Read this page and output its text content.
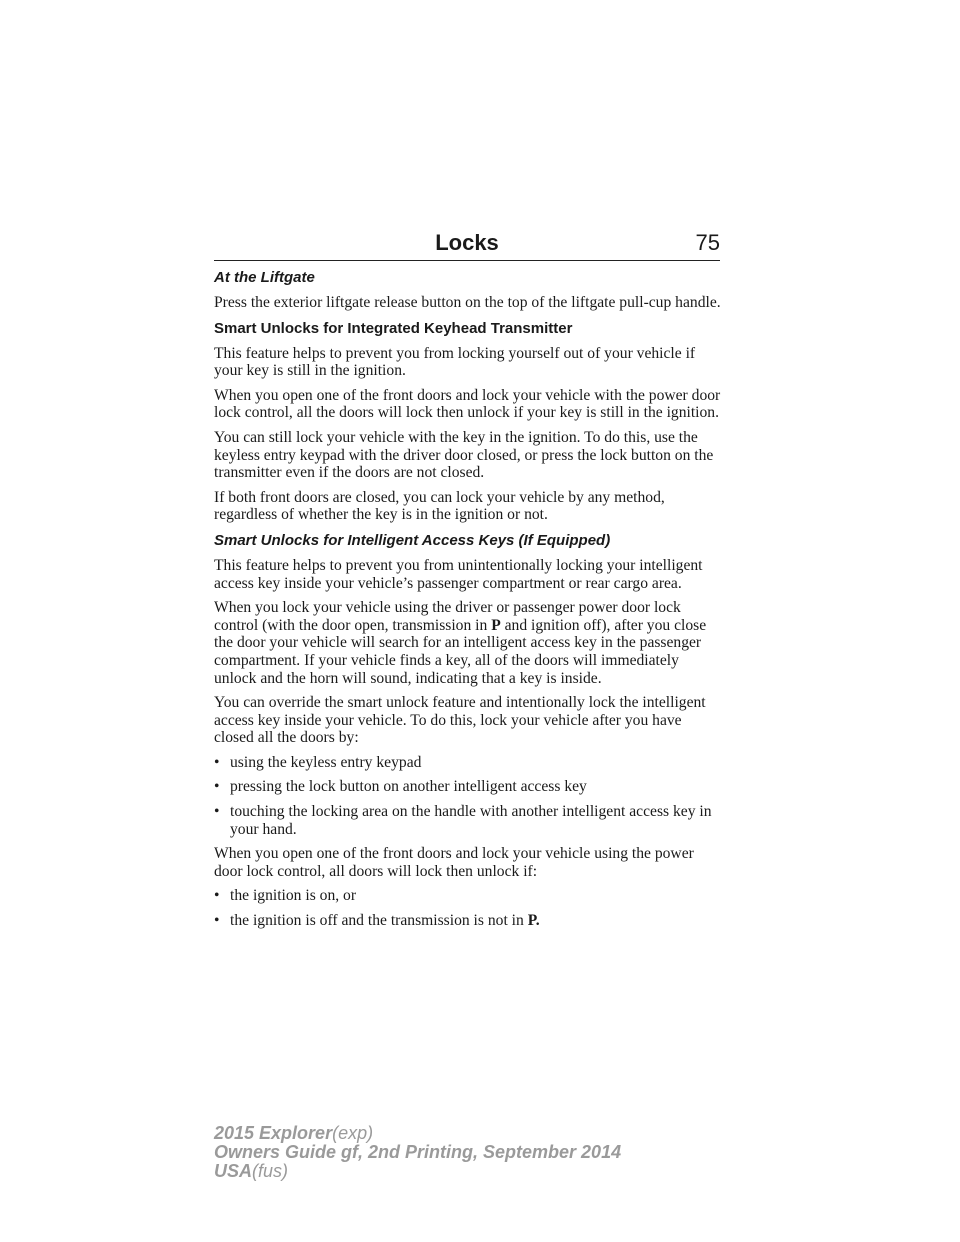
Locks	75
At the Liftgate

Press the exterior liftgate release button on the top of the liftgate pull-cup handle.

Smart Unlocks for Integrated Keyhead Transmitter

This feature helps to prevent you from locking yourself out of your vehicle if your key is still in the ignition.

When you open one of the front doors and lock your vehicle with the power door lock control, all the doors will lock then unlock if your key is still in the ignition.

You can still lock your vehicle with the key in the ignition. To do this, use the keyless entry keypad with the driver door closed, or press the lock button on the transmitter even if the doors are not closed.

If both front doors are closed, you can lock your vehicle by any method, regardless of whether the key is in the ignition or not.

Smart Unlocks for Intelligent Access Keys (If Equipped)

This feature helps to prevent you from unintentionally locking your intelligent access key inside your vehicle’s passenger compartment or rear cargo area.

When you lock your vehicle using the driver or passenger power door lock control (with the door open, transmission in P and ignition off), after you close the door your vehicle will search for an intelligent access key in the passenger compartment. If your vehicle finds a key, all of the doors will immediately unlock and the horn will sound, indicating that a key is inside.

You can override the smart unlock feature and intentionally lock the intelligent access key inside your vehicle. To do this, lock your vehicle after you have closed all the doors by:

• using the keyless entry keypad
• pressing the lock button on another intelligent access key
• touching the locking area on the handle with another intelligent access key in your hand.

When you open one of the front doors and lock your vehicle using the power door lock control, all doors will lock then unlock if:

• the ignition is on, or
• the ignition is off and the transmission is not in P.
2015 Explorer(exp)
Owners Guide gf, 2nd Printing, September 2014
USA(fus)
